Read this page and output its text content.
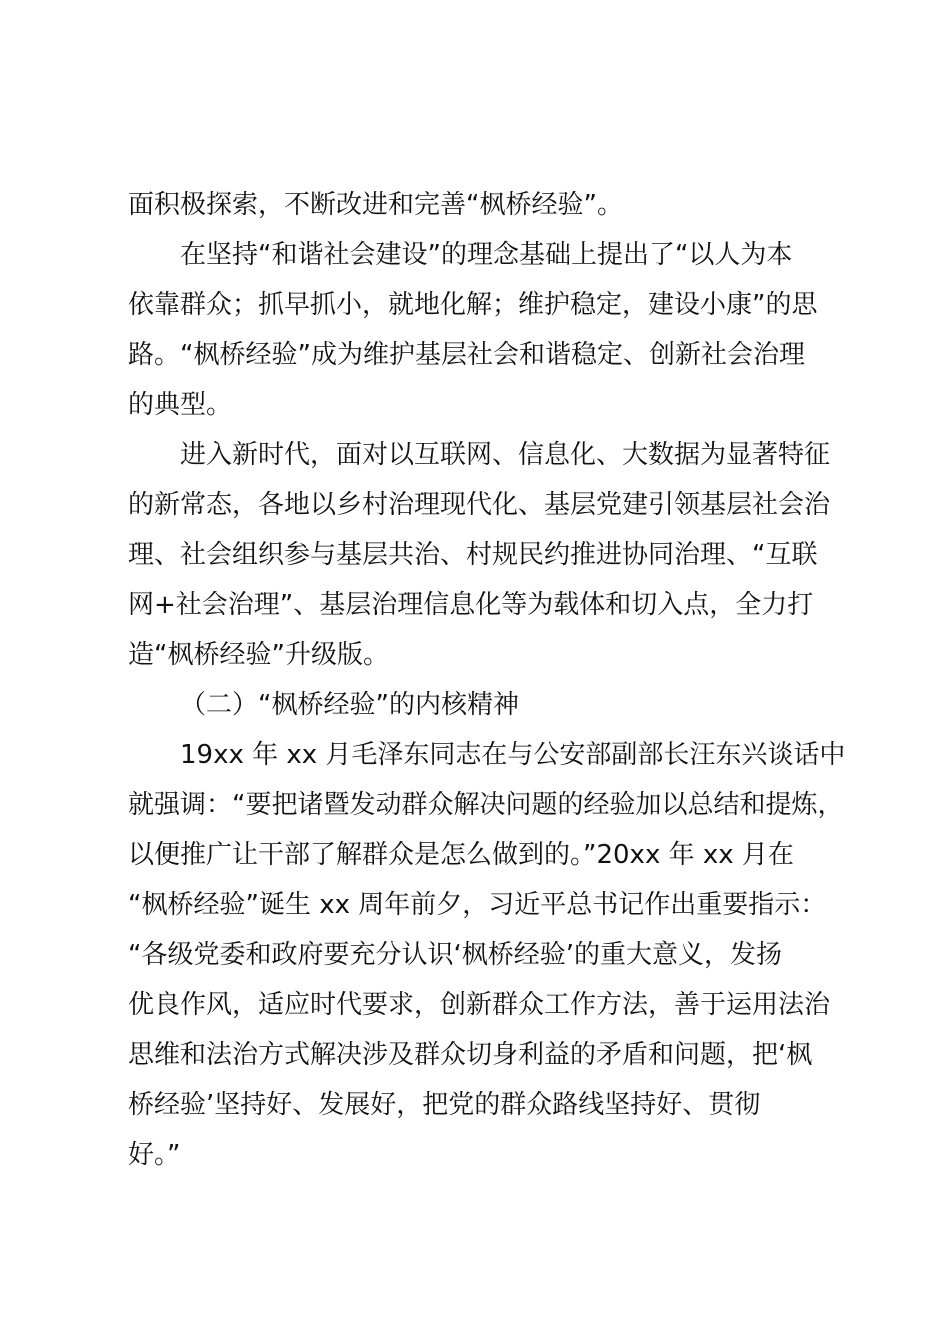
面积极探索，不断改进和完善“枫桥经验”。
在坚持“和谐社会建设”的理念基础上提出了“以人为本
依靠群众；抓早抓小，就地化解；维护稳定，建设小康”的思
路。“枫桥经验”成为维护基层社会和谐稳定、创新社会治理
的典型。
进入新时代，面对以互联网、信息化、大数据为显著特征
的新常态，各地以乡村治理现代化、基层党建引领基层社会治
理、社会组织参与基层共治、村规民约推进协同治理、“互联
网+社会治理”、基层治理信息化等为载体和切入点，全力打
造“枫桥经验”升级版。
（二）“枫桥经验”的内核精神
19xx 年 xx 月毛泽东同志在与公安部副部长汪东兴谈话中
就强调：“要把诸暨发动群众解决问题的经验加以总结和提炼，
以便推广让干部了解群众是怎么做到的。”20xx 年 xx 月在
“枫桥经验”诞生 xx 周年前夕，习近平总书记作出重要指示：
“各级党委和政府要充分认识‘枫桥经验’的重大意义，发扬
优良作风，适应时代要求，创新群众工作方法，善于运用法治
思维和法治方式解决涉及群众切身利益的矛盾和问题，把‘枫
桥经验’坚持好、发展好，把党的群众路线坚持好、贯彻
好。”
